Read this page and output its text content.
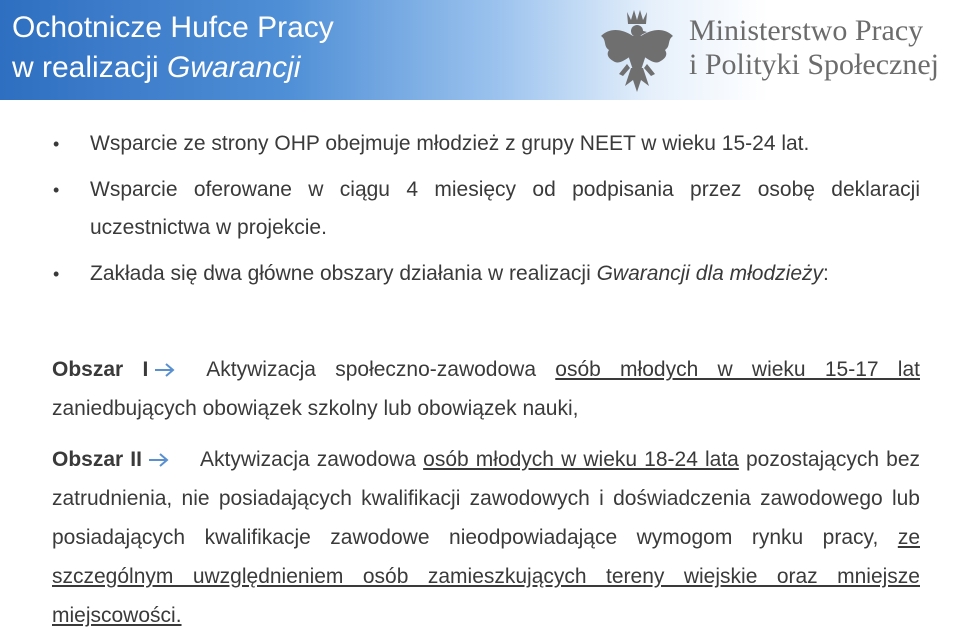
Ochotnicze Hufce Pracy
w realizacji Gwarancji
Ministerstwo Pracy
i Polityki Społecznej
• Wsparcie ze strony OHP obejmuje młodzież z grupy NEET w wieku 15-24 lat.
• Wsparcie oferowane w ciągu 4 miesięcy od podpisania przez osobę deklaracji uczestnictwa w projekcie.
• Zakłada się dwa główne obszary działania w realizacji Gwarancji dla młodzieży:
Obszar I	Aktywizacja społeczno-zawodowa osób młodych w wieku 15-17 lat zaniedbujących obowiązek szkolny lub obowiązek nauki,
Obszar II	Aktywizacja zawodowa osób młodych w wieku 18-24 lata pozostających bez zatrudnienia, nie posiadających kwalifikacji zawodowych i doświadczenia zawodowego lub posiadających kwalifikacje zawodowe nieodpowiadające wymogom rynku pracy, ze szczególnym uwzględnieniem osób zamieszkujących tereny wiejskie oraz mniejsze miejscowości.
